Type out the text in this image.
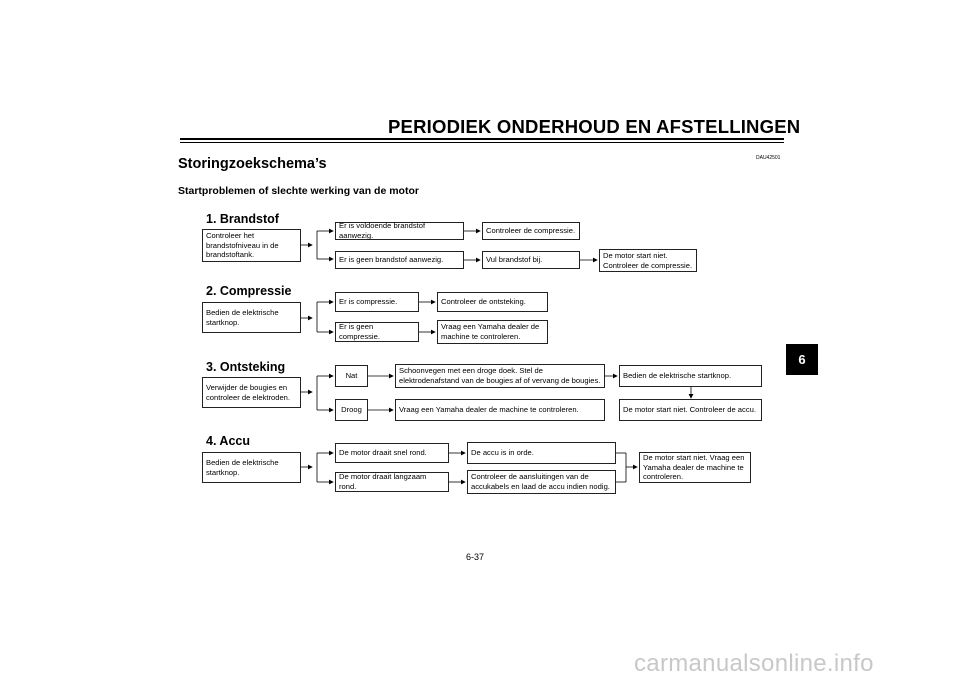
PERIODIEK ONDERHOUD EN AFSTELLINGEN
DAU42501
Storingzoekschema’s
Startproblemen of slechte werking van de motor
1. Brandstof
Controleer het
brandstofniveau in de
brandstoftank.
Er is voldoende brandstof aanwezig.
Controleer de compressie.
Er is geen brandstof aanwezig.	Vul brandstof bij.	De motor start niet.
Controleer de compressie.
2. Compressie
Bedien de elektrische
startknop.
Er is compressie.	Controleer de ontsteking.
Er is geen compressie.
Vraag een Yamaha dealer de
machine te controleren.
3. Ontsteking
Verwijder de bougies en
controleer de elektroden.
Nat
Schoonvegen met een droge doek. Stel de
elektrodenafstand van de bougies af of vervang de bougies.
Bedien de elektrische startknop.
Droog	Vraag een Yamaha dealer de machine te controleren.	De motor start niet. Controleer de accu.
4. Accu
Bedien de elektrische
startknop.
De motor draait snel rond.	De accu is in orde.
De motor draait langzaam rond.
Controleer de aansluitingen van de
accukabels en laad de accu indien nodig.
De motor start niet. Vraag een
Yamaha dealer de machine te
controleren.
6
6-37
carmanualsonline.info
